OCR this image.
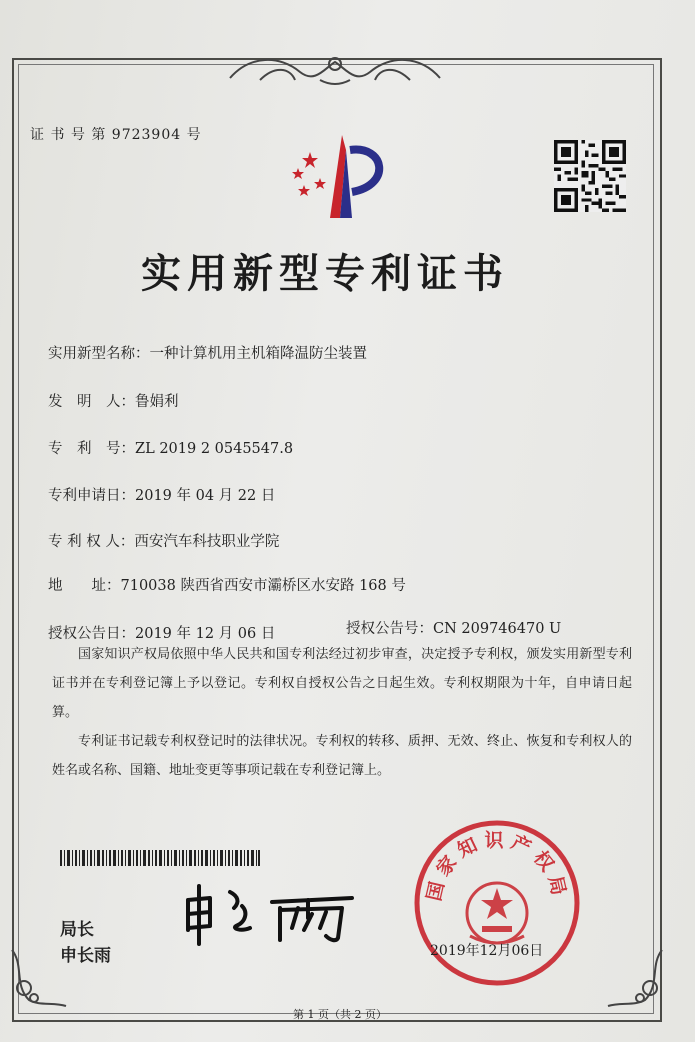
证 书 号 第 9723904 号
实用新型专利证书
实用新型名称：一种计算机用主机箱降温防尘装置
发　明　人：鲁娟利
专　利　号：ZL 2019 2 0545547.8
专利申请日：2019 年 04 月 22 日
专 利 权 人：西安汽车科技职业学院
地　　址：710038 陕西省西安市灞桥区水安路 168 号
授权公告日：2019 年 12 月 06 日	授权公告号：CN 209746470 U
国家知识产权局依照中华人民共和国专利法经过初步审查，决定授予专利权，颁发实用新型专利证书并在专利登记簿上予以登记。专利权自授权公告之日起生效。专利权期限为十年，自申请日起算。
专利证书记载专利权登记时的法律状况。专利权的转移、质押、无效、终止、恢复和专利权人的姓名或名称、国籍、地址变更等事项记载在专利登记簿上。
局长
申长雨
国家知识产权局
2019年12月06日
第 1 页（共 2 页）
